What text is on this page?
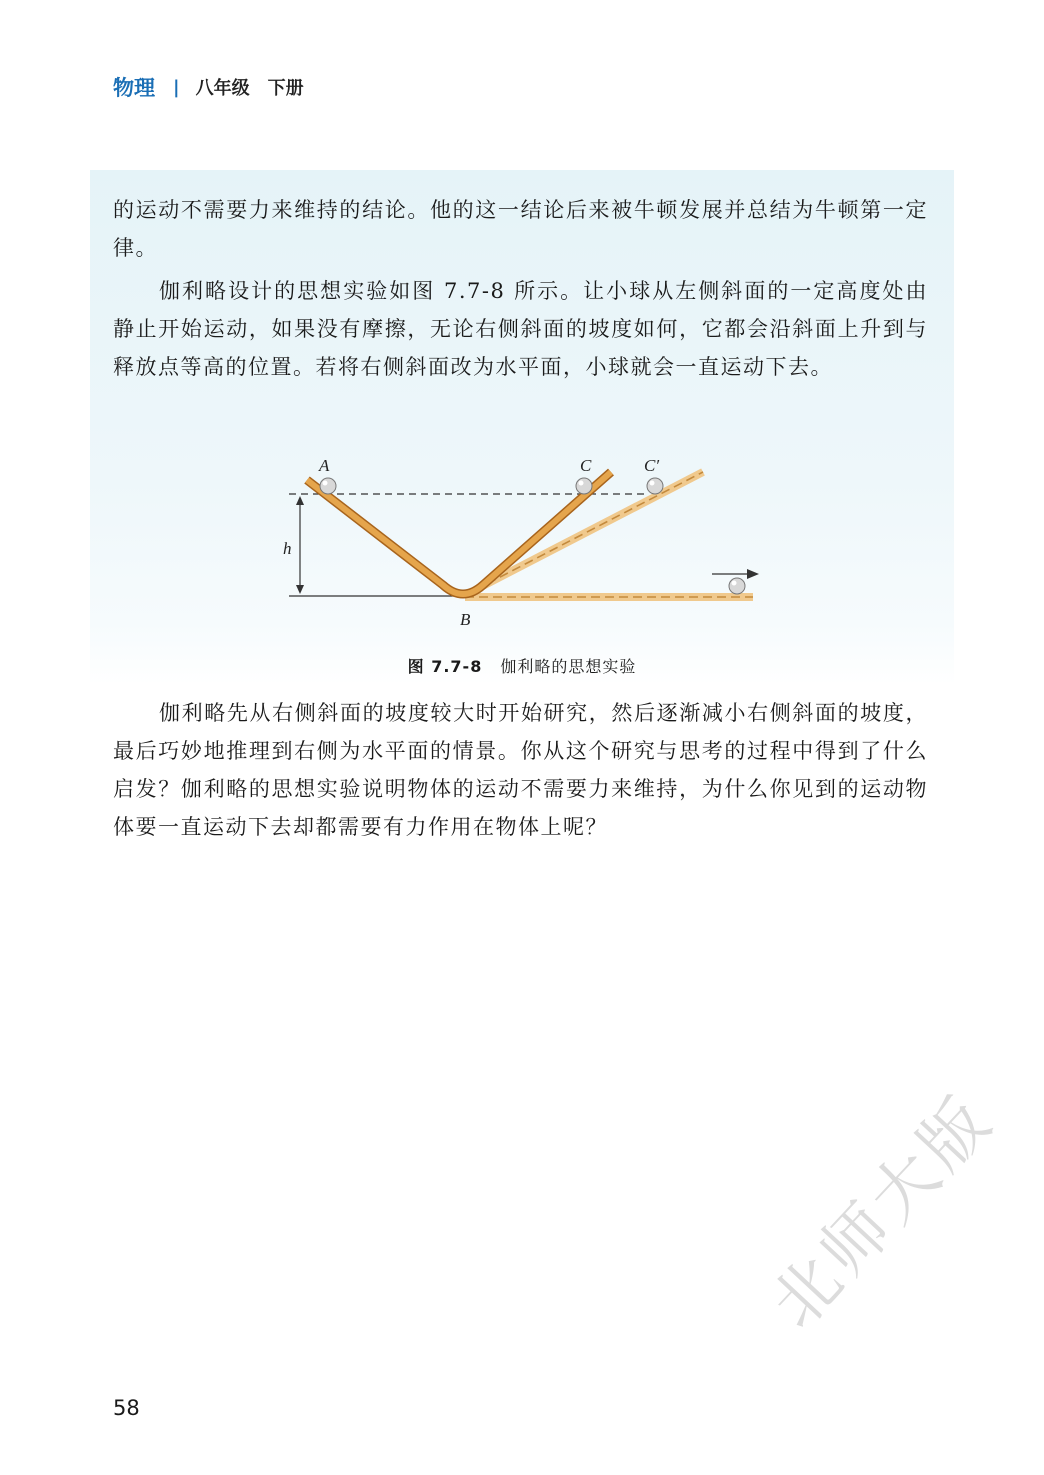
物理 | 八年级 下册
的运动不需要力来维持的结论。他的这一结论后来被牛顿发展并总结为牛顿第一定律。
伽利略设计的思想实验如图 7.7-8 所示。让小球从左侧斜面的一定高度处由静止开始运动，如果没有摩擦，无论右侧斜面的坡度如何，它都会沿斜面上升到与释放点等高的位置。若将右侧斜面改为水平面，小球就会一直运动下去。
h
A	C	C′
B
图 7.7-8 伽利略的思想实验
伽利略先从右侧斜面的坡度较大时开始研究，然后逐渐减小右侧斜面的坡度，最后巧妙地推理到右侧为水平面的情景。你从这个研究与思考的过程中得到了什么启发？伽利略的思想实验说明物体的运动不需要力来维持，为什么你见到的运动物体要一直运动下去却都需要有力作用在物体上呢？
58
北师大版
